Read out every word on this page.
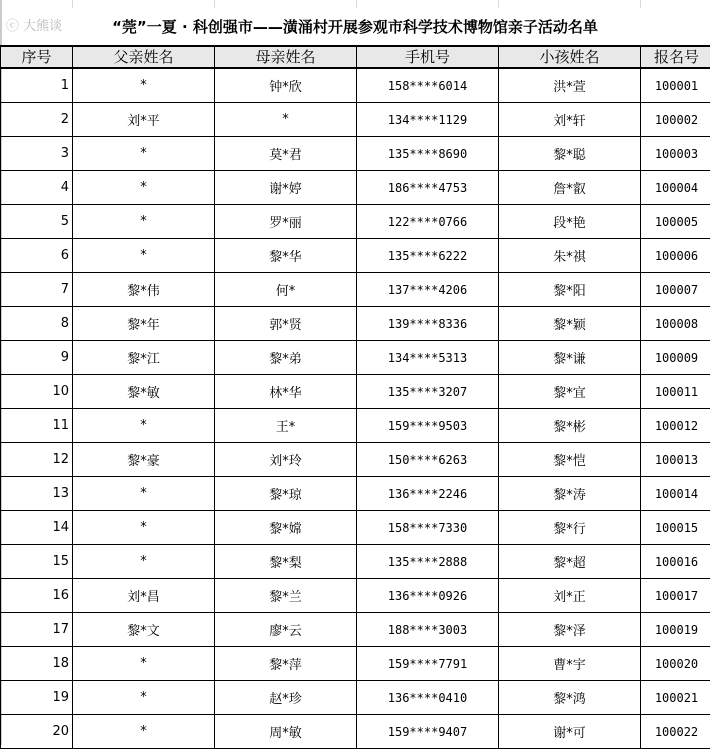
“莞”一夏 · 科创强市——潢涌村开展参观市科学技术博物馆亲子活动名单
ⓒ 大熊谈
序号	父亲姓名	母亲姓名	手机号	小孩姓名	报名号
1	*	钟*欣	158****6014	洪*萱	100001
2	刘*平	*	134****1129	刘*轩	100002
3	*	莫*君	135****8690	黎*聪	100003
4	*	谢*婷	186****4753	詹*叡	100004
5	*	罗*丽	122****0766	段*艳	100005
6	*	黎*华	135****6222	朱*祺	100006
7	黎*伟	何*	137****4206	黎*阳	100007
8	黎*年	郭*贤	139****8336	黎*颖	100008
9	黎*江	黎*弟	134****5313	黎*谦	100009
10	黎*敏	林*华	135****3207	黎*宜	100011
11	*	王*	159****9503	黎*彬	100012
12	黎*豪	刘*玲	150****6263	黎*恺	100013
13	*	黎*琼	136****2246	黎*涛	100014
14	*	黎*嫦	158****7330	黎*行	100015
15	*	黎*梨	135****2888	黎*超	100016
16	刘*昌	黎*兰	136****0926	刘*正	100017
17	黎*文	廖*云	188****3003	黎*泽	100019
18	*	黎*萍	159****7791	曹*宇	100020
19	*	赵*珍	136****0410	黎*鸿	100021
20	*	周*敏	159****9407	谢*可	100022
